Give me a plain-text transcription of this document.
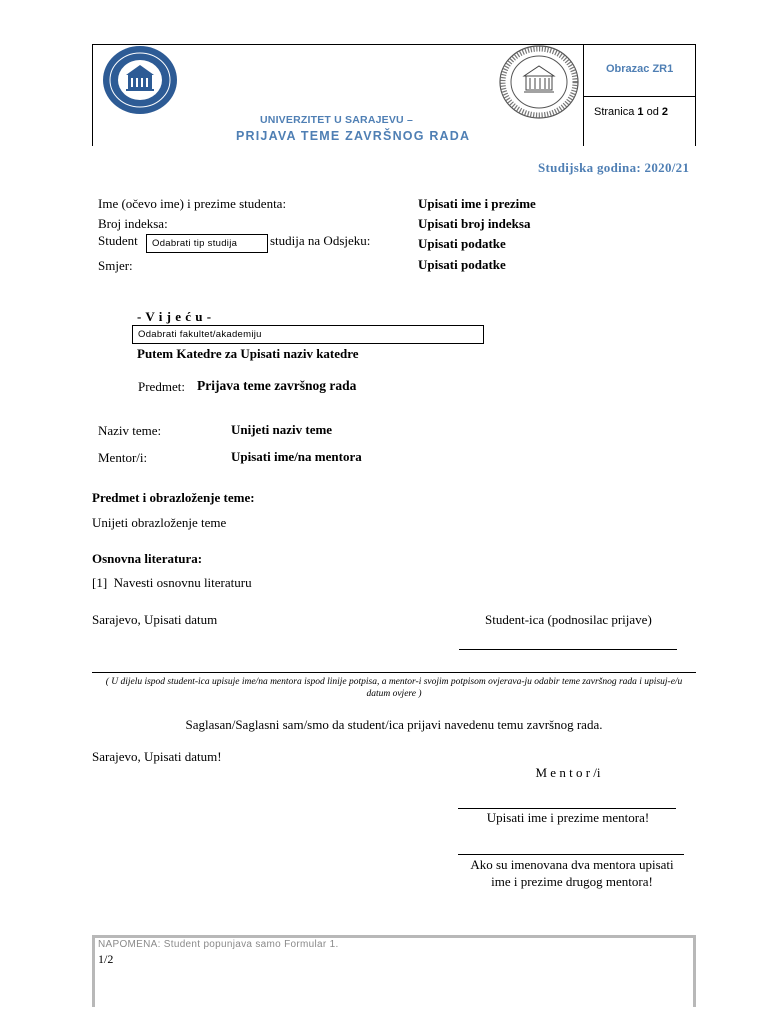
UNIVERZITET U SARAJEVU –
PRIJAVA TEME ZAVRŠNOG RADA
Obrazac ZR1
Stranica 1 od 2
Studijska godina: 2020/21
Ime (očevo ime) i prezime studenta:	Upisati ime i prezime
Broj indeksa:	Upisati broj indeksa
Student	Odabrati tip studija	studija na Odsjeku:	Upisati podatke
Smjer:	Upisati podatke
- V i j e ć u -
Odabrati fakultet/akademiju
Putem Katedre za Upisati naziv katedre
Predmet: Prijava teme završnog rada
Naziv teme:	Unijeti naziv teme
Mentor/i:	Upisati ime/na mentora
Predmet i obrazloženje teme:
Unijeti obrazloženje teme
Osnovna literatura:
[1] Navesti osnovnu literaturu
Sarajevo, Upisati datum	Student-ica (podnosilac prijave)
( U dijelu ispod student-ica upisuje ime/na mentora ispod linije potpisa, a mentor-i svojim potpisom ovjerava-ju odabir teme završnog rada i upisuj-e/u datum ovjere )
Saglasan/Saglasni sam/smo da student/ica prijavi navedenu temu završnog rada.
Sarajevo, Upisati datum!
M e n t o r /i
Upisati ime i prezime mentora!
Ako su imenovana dva mentora upisati
ime i prezime drugog mentora!
NAPOMENA: Student popunjava samo Formular 1.
1/2
